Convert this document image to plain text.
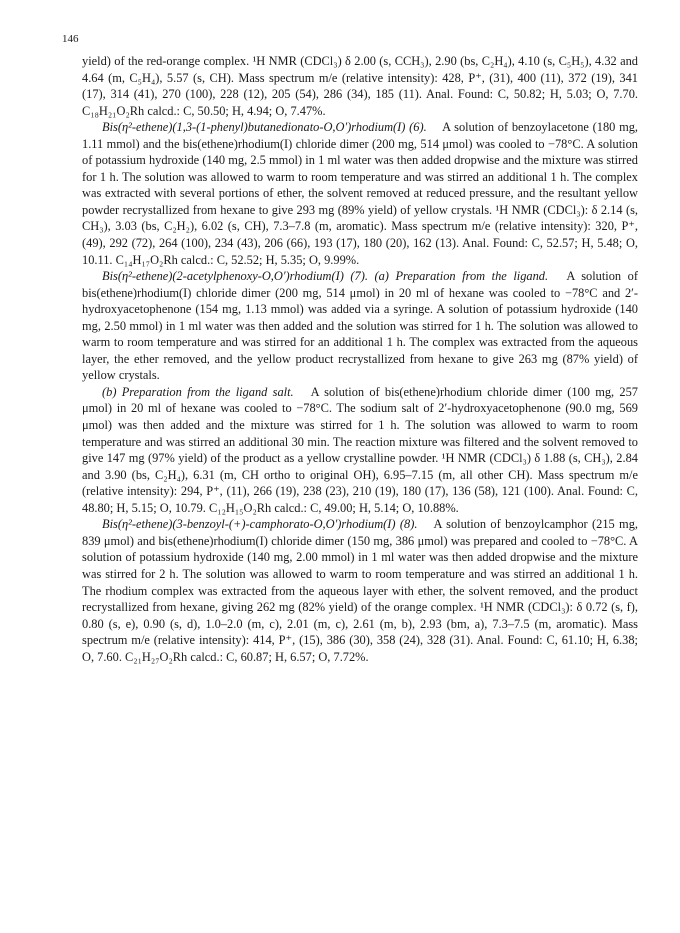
146

yield) of the red-orange complex. ¹H NMR (CDCl₃) δ 2.00 (s, CCH₃), 2.90 (bs, C₂H₄), 4.10 (s, C₅H₅), 4.32 and 4.64 (m, C₅H₄), 5.57 (s, CH). Mass spectrum m/e (relative intensity): 428, P⁺, (31), 400 (11), 372 (19), 341 (17), 314 (41), 270 (100), 228 (12), 205 (54), 286 (34), 185 (11). Anal. Found: C, 50.82; H, 5.03; O, 7.70. C₁₈H₂₁O₂Rh calcd.: C, 50.50; H, 4.94; O, 7.47%.

Bis(η²-ethene)(1,3-(1-phenyl)butanedionato-O,O′)rhodium(I) (6).  A solution of benzoylacetone (180 mg, 1.11 mmol) and the bis(ethene)rhodium(I) chloride dimer (200 mg, 514 μmol) was cooled to −78°C. A solution of potassium hydroxide (140 mg, 2.5 mmol) in 1 ml water was then added dropwise and the mixture was stirred for 1 h. The solution was allowed to warm to room temperature and was stirred an additional 1 h. The complex was extracted with several portions of ether, the solvent removed at reduced pressure, and the resultant yellow powder recrystallized from hexane to give 293 mg (89% yield) of yellow crystals. ¹H NMR (CDCl₃): δ 2.14 (s, CH₃), 3.03 (bs, C₂H₂), 6.02 (s, CH), 7.3–7.8 (m, aromatic). Mass spectrum m/e (relative intensity): 320, P⁺, (49), 292 (72), 264 (100), 234 (43), 206 (66), 193 (17), 180 (20), 162 (13). Anal. Found: C, 52.57; H, 5.48; O, 10.11. C₁₄H₁₇O₂Rh calcd.: C, 52.52; H, 5.35; O, 9.99%.

Bis(η²-ethene)(2-acetylphenoxy-O,O′)rhodium(I) (7). (a) Preparation from the ligand.  A solution of bis(ethene)rhodium(I) chloride dimer (200 mg, 514 μmol) in 20 ml of hexane was cooled to −78°C and 2′-hydroxyacetophenone (154 mg, 1.13 mmol) was added via a syringe. A solution of potassium hydroxide (140 mg, 2.50 mmol) in 1 ml water was then added and the solution was stirred for 1 h. The solution was allowed to warm to room temperature and was stirred for an additional 1 h. The complex was extracted from the aqueous layer, the ether removed, and the yellow product recrystallized from hexane to give 263 mg (87% yield) of yellow crystals.

(b) Preparation from the ligand salt.  A solution of bis(ethene)rhodium chloride dimer (100 mg, 257 μmol) in 20 ml of hexane was cooled to −78°C. The sodium salt of 2′-hydroxyacetophenone (90.0 mg, 569 μmol) was then added and the mixture was stirred for 1 h. The solution was allowed to warm to room temperature and was stirred an additional 30 min. The reaction mixture was filtered and the solvent removed to give 147 mg (97% yield) of the product as a yellow crystalline powder. ¹H NMR (CDCl₃) δ 1.88 (s, CH₃), 2.84 and 3.90 (bs, C₂H₄), 6.31 (m, CH ortho to original OH), 6.95–7.15 (m, all other CH). Mass spectrum m/e (relative intensity): 294, P⁺, (11), 266 (19), 238 (23), 210 (19), 180 (17), 136 (58), 121 (100). Anal. Found: C, 48.80; H, 5.15; O, 10.79. C₁₂H₁₅O₂Rh calcd.: C, 49.00; H, 5.14; O, 10.88%.

Bis(η²-ethene)(3-benzoyl-(+)-camphorato-O,O′)rhodium(I) (8).  A solution of benzoylcamphor (215 mg, 839 μmol) and bis(ethene)rhodium(I) chloride dimer (150 mg, 386 μmol) was prepared and cooled to −78°C. A solution of potassium hydroxide (140 mg, 2.00 mmol) in 1 ml water was then added dropwise and the mixture was stirred for 2 h. The solution was allowed to warm to room temperature and was stirred an additional 1 h. The rhodium complex was extracted from the aqueous layer with ether, the solvent removed, and the product recrystallized from hexane, giving 262 mg (82% yield) of the orange complex. ¹H NMR (CDCl₃): δ 0.72 (s, f), 0.80 (s, e), 0.90 (s, d), 1.0–2.0 (m, c), 2.01 (m, c), 2.61 (m, b), 2.93 (bm, a), 7.3–7.5 (m, aromatic). Mass spectrum m/e (relative intensity): 414, P⁺, (15), 386 (30), 358 (24), 328 (31). Anal. Found: C, 61.10; H, 6.38; O, 7.60. C₂₁H₂₇O₂Rh calcd.: C, 60.87; H, 6.57; O, 7.72%.
